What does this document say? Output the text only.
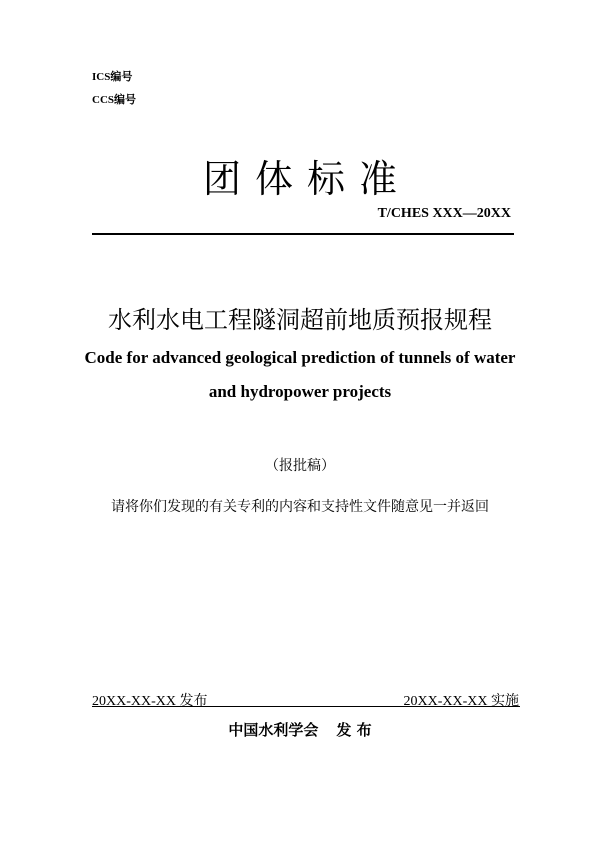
ICS编号
CCS编号
团体标准
T/CHES XXX—20XX
水利水电工程隧洞超前地质预报规程
Code for advanced geological prediction of tunnels of water
and hydropower projects
（报批稿）
请将你们发现的有关专利的内容和支持性文件随意见一并返回
20XX-XX-XX 发布	20XX-XX-XX 实施
中国水利学会 发 布
